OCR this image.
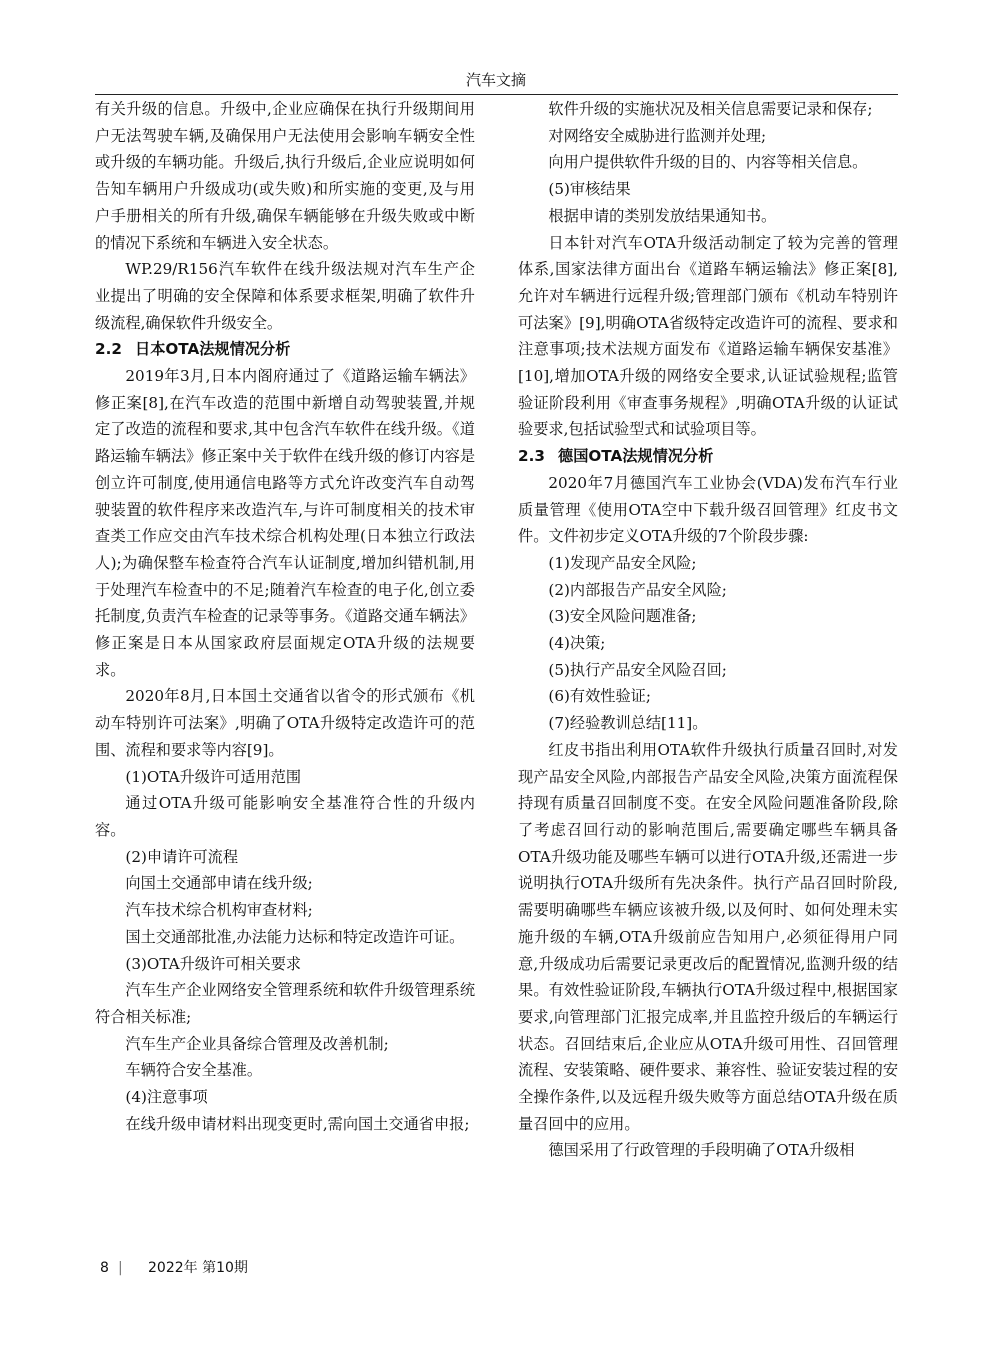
汽车文摘

有关升级的信息。升级中,企业应确保在执行升级期间用户无法驾驶车辆,及确保用户无法使用会影响车辆安全性或升级的车辆功能。升级后,执行升级后,企业应说明如何告知车辆用户升级成功(或失败)和所实施的变更,及与用户手册相关的所有升级,确保车辆能够在升级失败或中断的情况下系统和车辆进入安全状态。

WP.29/R156汽车软件在线升级法规对汽车生产企业提出了明确的安全保障和体系要求框架,明确了软件升级流程,确保软件升级安全。

2.2 日本OTA法规情况分析

2019年3月,日本内阁府通过了《道路运输车辆法》修正案[8],在汽车改造的范围中新增自动驾驶装置,并规定了改造的流程和要求,其中包含汽车软件在线升级。《道路运输车辆法》修正案中关于软件在线升级的修订内容是创立许可制度,使用通信电路等方式允许改变汽车自动驾驶装置的软件程序来改造汽车,与许可制度相关的技术审查类工作应交由汽车技术综合机构处理(日本独立行政法人);为确保整车检查符合汽车认证制度,增加纠错机制,用于处理汽车检查中的不足;随着汽车检查的电子化,创立委托制度,负责汽车检查的记录等事务。《道路交通车辆法》修正案是日本从国家政府层面规定OTA升级的法规要求。

2020年8月,日本国土交通省以省令的形式颁布《机动车特别许可法案》,明确了OTA升级特定改造许可的范围、流程和要求等内容[9]。

(1)OTA升级许可适用范围

通过OTA升级可能影响安全基准符合性的升级内容。

(2)申请许可流程

向国土交通部申请在线升级;

汽车技术综合机构审查材料;

国土交通部批准,办法能力达标和特定改造许可证。

(3)OTA升级许可相关要求

汽车生产企业网络安全管理系统和软件升级管理系统符合相关标准;

汽车生产企业具备综合管理及改善机制;

车辆符合安全基准。

(4)注意事项

在线升级申请材料出现变更时,需向国土交通省申报;

软件升级的实施状况及相关信息需要记录和保存;

对网络安全威胁进行监测并处理;

向用户提供软件升级的目的、内容等相关信息。

(5)审核结果

根据申请的类别发放结果通知书。

日本针对汽车OTA升级活动制定了较为完善的管理体系,国家法律方面出台《道路车辆运输法》修正案[8],允许对车辆进行远程升级;管理部门颁布《机动车特别许可法案》[9],明确OTA省级特定改造许可的流程、要求和注意事项;技术法规方面发布《道路运输车辆保安基准》[10],增加OTA升级的网络安全要求,认证试验规程;监管验证阶段利用《审查事务规程》,明确OTA升级的认证试验要求,包括试验型式和试验项目等。

2.3 德国OTA法规情况分析

2020年7月德国汽车工业协会(VDA)发布汽车行业质量管理《使用OTA空中下载升级召回管理》红皮书文件。文件初步定义OTA升级的7个阶段步骤:

(1)发现产品安全风险;

(2)内部报告产品安全风险;

(3)安全风险问题准备;

(4)决策;

(5)执行产品安全风险召回;

(6)有效性验证;

(7)经验教训总结[11]。

红皮书指出利用OTA软件升级执行质量召回时,对发现产品安全风险,内部报告产品安全风险,决策方面流程保持现有质量召回制度不变。在安全风险问题准备阶段,除了考虑召回行动的影响范围后,需要确定哪些车辆具备OTA升级功能及哪些车辆可以进行OTA升级,还需进一步说明执行OTA升级所有先决条件。执行产品召回时阶段,需要明确哪些车辆应该被升级,以及何时、如何处理未实施升级的车辆,OTA升级前应告知用户,必须征得用户同意,升级成功后需要记录更改后的配置情况,监测升级的结果。有效性验证阶段,车辆执行OTA升级过程中,根据国家要求,向管理部门汇报完成率,并且监控升级后的车辆运行状态。召回结束后,企业应从OTA升级可用性、召回管理流程、安装策略、硬件要求、兼容性、验证安装过程的安全操作条件,以及远程升级失败等方面总结OTA升级在质量召回中的应用。

德国采用了行政管理的手段明确了OTA升级相

8 | 2022年 第10期
